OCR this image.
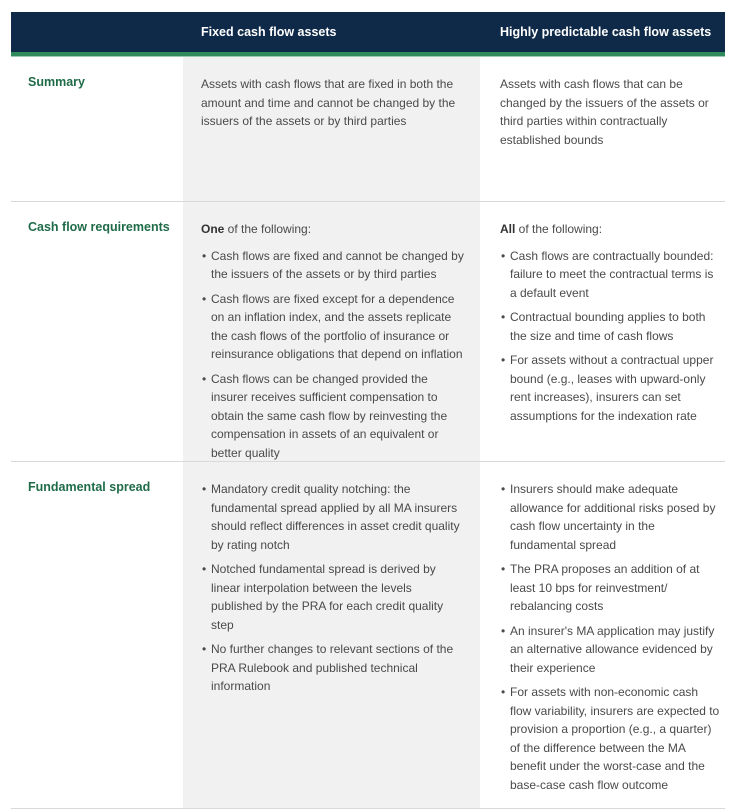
Fixed cash flow assets	Highly predictable cash flow assets
Summary	Assets with cash flows that are fixed in both the amount and time and cannot be changed by the issuers of the assets or by third parties

Assets with cash flows that can be changed by the issuers of the assets or third parties within contractually established bounds

Cash flow requirements	One of the following:

• Cash flows are fixed and cannot be changed by the issuers of the assets or by third parties
• Cash flows are fixed except for a dependence on an inflation index, and the assets replicate the cash flows of the portfolio of insurance or reinsurance obligations that depend on inflation
• Cash flows can be changed provided the insurer receives sufficient compensation to obtain the same cash flow by reinvesting the compensation in assets of an equivalent or better quality

All of the following:

• Cash flows are contractually bounded: failure to meet the contractual terms is a default event
• Contractual bounding applies to both the size and time of cash flows
• For assets without a contractual upper bound (e.g., leases with upward-only rent increases), insurers can set assumptions for the indexation rate
Fundamental spread
•	Mandatory credit quality notching: the fundamental spread applied by all MA insurers should reflect differences in asset credit quality by rating notch
• Notched fundamental spread is derived by linear interpolation between the levels published by the PRA for each credit quality step
• No further changes to relevant sections of the PRA Rulebook and published technical information
• Insurers should make adequate allowance for additional risks posed by cash flow uncertainty in the fundamental spread
• The PRA proposes an addition of at least 10 bps for reinvestment/ rebalancing costs
• An insurer's MA application may justify an alternative allowance evidenced by their experience
• For assets with non-economic cash flow variability, insurers are expected to provision a proportion (e.g., a quarter) of the difference between the MA benefit under the worst-case and the base-case cash flow outcome
